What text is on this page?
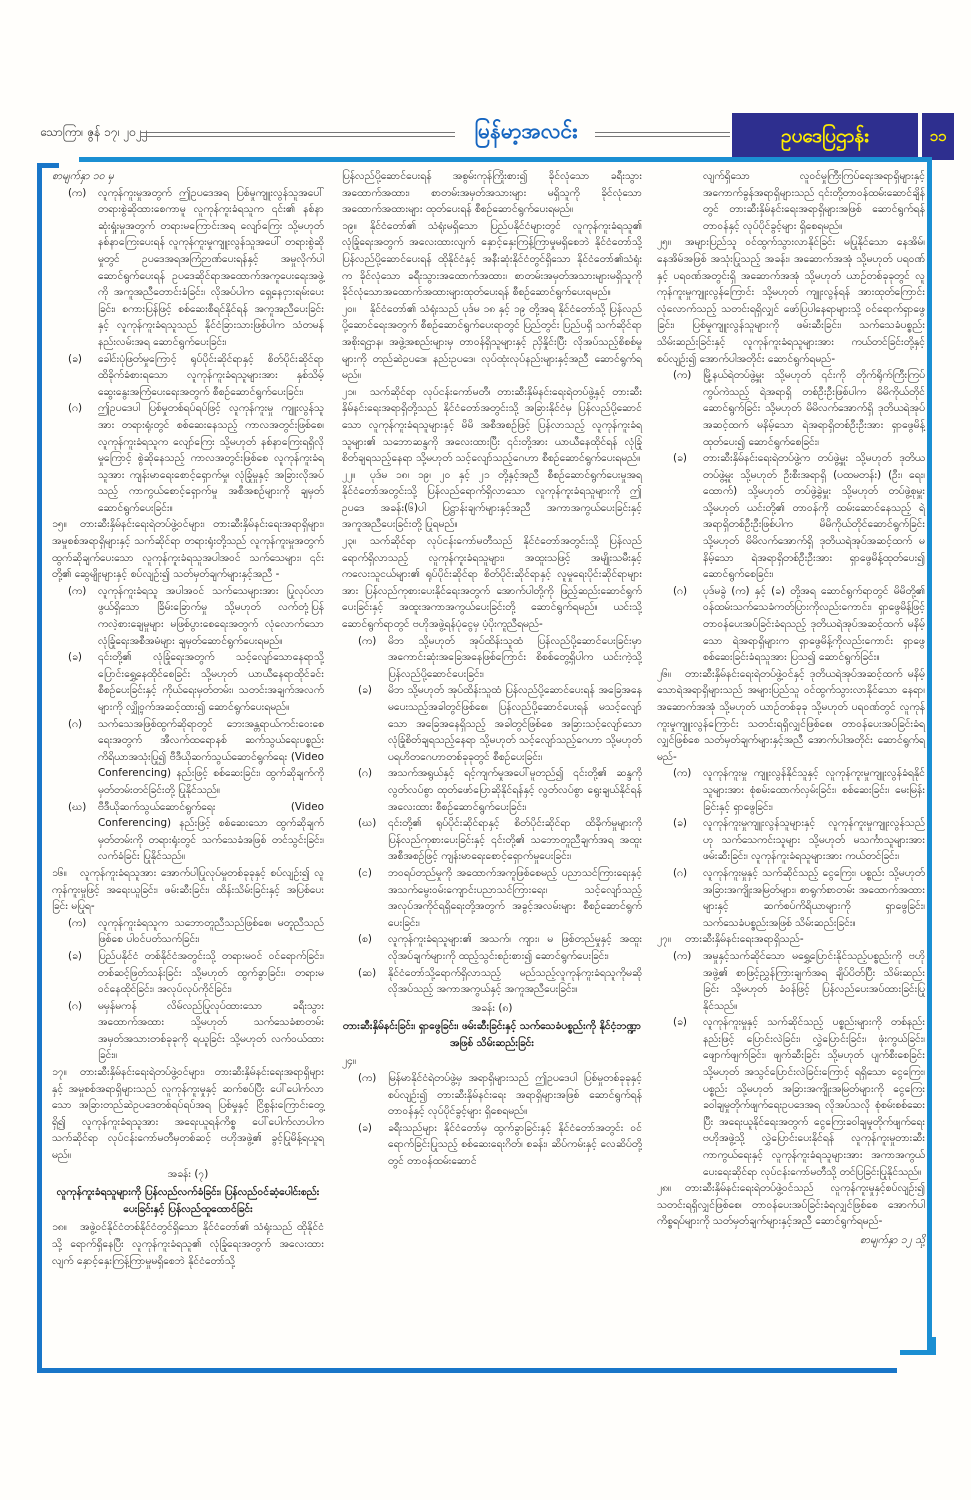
သောကြာ၊ ဇွန် ၁၇၊ ၂၀၂၂	မြန်မာ့အလင်း	ဥပဒေပြဌာန်း	၁၁

စာမျက်နှာ ၁၀ မှ

(က) လူကုန်ကူးမှုအတွက် ဤဥပဒေအရ ပြစ်မှုကျူးလွန်သူအပေါ် တရားစွဲဆိုထားစေကာမူ လူကုန်ကူးခံရသူက ၎င်း၏ နစ်နာဆုံးရှုံးမှုအတွက် တရားမကြောင်းအရ လျော်ကြေး သို့မဟုတ် နစ်နာကြေးပေးရန် လူကုန်ကူးမှုကျူးလွန်သူအပေါ် တရားစွဲဆိုမှုတွင် ဥပဒေအရအကြံဉာဏ်ပေးရန်နှင့် အမှုလိုက်ပါဆောင်ရွက်ပေးရန် ဥပဒေဆိုင်ရာအထောက်အကူပေးရေးအဖွဲ့ကို အကူအညီတောင်းခံခြင်း၊ လိုအပ်ပါက ရှေ့နေငှားရမ်းပေးခြင်း၊ စကားပြန်ဖြင့် စစ်ဆေးစီရင်နိုင်ရန် အကူအညီပေးခြင်းနှင့် လူကုန်ကူးခံရသူသည် နိုင်ငံခြားသားဖြစ်ပါက သံတမန်နည်းလမ်းအရ ဆောင်ရွက်ပေးခြင်း၊

(ခ) ခေါင်းပုံဖြတ်မှုကြောင့် ရုပ်ပိုင်းဆိုင်ရာနှင့် စိတ်ပိုင်းဆိုင်ရာ ထိခိုက်ခံစားရသော လူကုန်ကူးခံရသူများအား နှစ်သိမ့်ဆွေးနွေးအကြံပေးရေးအတွက် စီစဉ်ဆောင်ရွက်ပေးခြင်း၊

(ဂ) ဤဥပဒေပါ ပြစ်မှုတစ်ရပ်ရပ်ဖြင့် လူကုန်ကူးမှု ကျူးလွန်သူအား တရားရုံးတွင် စစ်ဆေးနေသည့် ကာလအတွင်းဖြစ်စေ၊ လူကုန်ကူးခံရသူက လျော်ကြေး သို့မဟုတ် နစ်နာကြေးရရှိလိုမှုကြောင့် စွဲဆိုနေသည့် ကာလအတွင်းဖြစ်စေ လူကုန်ကူးခံရသူအား ကျန်းမာရေးစောင့်ရှောက်မှု၊ လုံခြုံမှုနှင့် အခြားလိုအပ်သည့် ကာကွယ်စောင့်ရှောက်မှု အစီအစဉ်များကို ချမှတ်ဆောင်ရွက်ပေးခြင်း။

၁၅။ တားဆီးနှိမ်နင်းရေးရဲတပ်ဖွဲ့ဝင်များ၊ တားဆီးနှိမ်နင်းရေးအရာရှိများ၊ အမှုစစ်အရာရှိများနှင့် သက်ဆိုင်ရာ တရားရုံးတို့သည် လူကုန်ကူးမှုအတွက် ထွက်ဆိုချက်ပေးသော လူကုန်ကူးခံရသူအပါအဝင် သက်သေများ၊ ၎င်းတို့၏ ဆွေမျိုးများနှင့် စပ်လျဉ်း၍ သတ်မှတ်ချက်များနှင့်အညီ -

(က) လူကုန်ကူးခံရသူ အပါအဝင် သက်သေများအား ပြုလုပ်လာဖွယ်ရှိသော ခြိမ်းခြောက်မှု သို့မဟုတ် လက်တုံ့ပြန်ကလဲ့စားချေမှုများ မဖြစ်ပွားစေရေးအတွက် လုံလောက်သော လုံခြုံရေးအစီအမံများ ချမှတ်ဆောင်ရွက်ပေးရမည်။

(ခ) ၎င်းတို့၏ လုံခြုံရေးအတွက် သင့်လျော်သောနေရာသို့ ပြောင်းရွှေ့နေထိုင်စေခြင်း သို့မဟုတ် ယာယီနေရာထိုင်ခင်းစီစဉ်ပေးခြင်းနှင့် ကိုယ်ရေးမှတ်တမ်း၊ သတင်းအချက်အလက်များကို လျှို့ဝှက်အဆင့်ထား၍ ဆောင်ရွက်ပေးရမည်။

(ဂ) သက်သေအဖြစ်ထွက်ဆိုရာတွင် ဘေးအန္တရာယ်ကင်းဝေးစေရေးအတွက် အီလက်ထရောနစ် ဆက်သွယ်ရေးပစ္စည်းကိရိယာအသုံးပြု၍ ဗီဒီယိုဆက်သွယ်ဆောင်ရွက်ရေး (Video Conferencing) နည်းဖြင့် စစ်ဆေးခြင်း၊ ထွက်ဆိုချက်ကို မှတ်တမ်းတင်ခြင်းတို့ ပြုနိုင်သည်။

(ဃ) ဗီဒီယိုဆက်သွယ်ဆောင်ရွက်ရေး (Video Conferencing) နည်းဖြင့် စစ်ဆေးသော ထွက်ဆိုချက်မှတ်တမ်းကို တရားရုံးတွင် သက်သေခံအဖြစ် တင်သွင်းခြင်း၊ လက်ခံခြင်း ပြုနိုင်သည်။

၁၆။ လူကုန်ကူးခံရသူအား အောက်ပါပြုလုပ်မှုတစ်ခုခုနှင့် စပ်လျဉ်း၍ လူကုန်ကူးမှုဖြင့် အရေးယူခြင်း၊ ဖမ်းဆီးခြင်း၊ ထိန်းသိမ်းခြင်းနှင့် အပြစ်ပေးခြင်း မပြုရ-

(က) လူကုန်ကူးခံရသူက သဘောတူညီသည်ဖြစ်စေ၊ မတူညီသည်ဖြစ်စေ ပါဝင်ပတ်သက်ခြင်း၊

(ခ) ပြည်ပနိုင်ငံ တစ်နိုင်ငံအတွင်းသို့ တရားမဝင် ဝင်ရောက်ခြင်း၊ တစ်ဆင့်ဖြတ်သန်းခြင်း သို့မဟုတ် ထွက်ခွာခြင်း၊ တရားမဝင်နေထိုင်ခြင်း၊ အလုပ်လုပ်ကိုင်ခြင်း၊

(ဂ) မမှန်မကန် လိမ်လည်ပြုလုပ်ထားသော ခရီးသွားအထောက်အထား သို့မဟုတ် သက်သေခံစာတမ်းအမှတ်အသားတစ်ခုခုကို ရယူခြင်း သို့မဟုတ် လက်ဝယ်ထားခြင်း။

၁၇။ တားဆီးနှိမ်နင်းရေးရဲတပ်ဖွဲ့ဝင်များ၊ တားဆီးနှိမ်နင်းရေးအရာရှိများနှင့် အမှုစစ်အရာရှိများသည် လူကုန်ကူးမှုနှင့် ဆက်စပ်ပြီး ပေါ်ပေါက်လာသော အခြားတည်ဆဲဥပဒေတစ်ရပ်ရပ်အရ ပြစ်မှုနှင့် ငြိစွန်းကြောင်းတွေ့ရှိ၍ လူကုန်ကူးခံရသူအား အရေးယူရန်ကိစ္စ ပေါ်ပေါက်လာပါက သက်ဆိုင်ရာ လုပ်ငန်းကော်မတီမှတစ်ဆင့် ဗဟိုအဖွဲ့၏ ခွင့်ပြုမိန့်ရယူရမည်။

အခန်း (၇)

လူကုန်ကူးခံရသူများကို ပြန်လည်လက်ခံခြင်း၊ ပြန်လည်ဝင်ဆံ့ပေါင်းစည်းပေးခြင်းနှင့် ပြန်လည်ထူထောင်ခြင်း

၁၈။ အဖွဲ့ဝင်နိုင်ငံတစ်နိုင်ငံတွင်ရှိသော နိုင်ငံတော်၏ သံရုံးသည် ထိုနိုင်ငံသို့ ရောက်ရှိနေပြီး လူကုန်ကူးခံရသူ၏ လုံခြုံရေးအတွက် အလေးထားလျက် နှောင့်နှေးကြန့်ကြာမှုမရှိစေဘဲ နိုင်ငံတော်သို့

ပြန်လည်ပို့ဆောင်ပေးရန် အစွမ်းကုန်ကြိုးစား၍ ခိုင်လုံသော ခရီးသွားအထောက်အထား၊ စာတမ်းအမှတ်အသားများ မရှိသူကို ခိုင်လုံသော အထောက်အထားများ ထုတ်ပေးရန် စီစဉ်ဆောင်ရွက်ပေးရမည်။

၁၉။ နိုင်ငံတော်၏ သံရုံးမရှိသော ပြည်ပနိုင်ငံများတွင် လူကုန်ကူးခံရသူ၏ လုံခြုံရေးအတွက် အလေးထားလျက် နှောင့်နှေးကြန့်ကြာမှုမရှိစေဘဲ နိုင်ငံတော်သို့ပြန်လည်ပို့ဆောင်ပေးရန် ထိုနိုင်ငံနှင့် အနီးဆုံးနိုင်ငံတွင်ရှိသော နိုင်ငံတော်၏သံရုံးက ခိုင်လုံသော ခရီးသွားအထောက်အထား၊ စာတမ်းအမှတ်အသားများမရှိသူကို ခိုင်လုံသောအထောက်အထားများထုတ်ပေးရန် စီစဉ်ဆောင်ရွက်ပေးရမည်။

၂၀။ နိုင်ငံတော်၏ သံရုံးသည် ပုဒ်မ ၁၈ နှင့် ၁၉ တို့အရ နိုင်ငံတော်သို့ ပြန်လည်ပို့ဆောင်ရေးအတွက် စီစဉ်ဆောင်ရွက်ပေးရာတွင် ပြည်တွင်း ပြည်ပရှိ သက်ဆိုင်ရာအစိုးရဌာန၊ အဖွဲ့အစည်းများမှ တာဝန်ရှိသူများနှင့် ညှိနှိုင်းပြီး လိုအပ်သည့်စိစစ်မှုများကို တည်ဆဲဥပဒေ၊ နည်းဥပဒေ၊ လုပ်ထုံးလုပ်နည်းများနှင့်အညီ ဆောင်ရွက်ရမည်။

၂၁။ သက်ဆိုင်ရာ လုပ်ငန်းကော်မတီ၊ တားဆီးနှိမ်နင်းရေးရဲတပ်ဖွဲ့နှင့် တားဆီးနှိမ်နင်းရေးအရာရှိတို့သည် နိုင်ငံတော်အတွင်းသို့ အခြားနိုင်ငံမှ ပြန်လည်ပို့ဆောင်သော လူကုန်ကူးခံရသူများနှင့် မိမိ အစီအစဉ်ဖြင့် ပြန်လာသည့် လူကုန်ကူးခံရသူများ၏ သဘောဆန္ဒကို အလေးထားပြီး ၎င်းတို့အား ယာယီနေထိုင်ရန် လုံခြုံစိတ်ချရသည့်နေရာ သို့မဟုတ် သင့်လျော်သည့်ဂေဟာ စီစဉ်ဆောင်ရွက်ပေးရမည်။

၂၂။ ပုဒ်မ ၁၈၊ ၁၉၊ ၂၀ နှင့် ၂၁ တို့နှင့်အညီ စီစဉ်ဆောင်ရွက်ပေးမှုအရ နိုင်ငံတော်အတွင်းသို့ ပြန်လည်ရောက်ရှိလာသော လူကုန်ကူးခံရသူများကို ဤဥပဒေ အခန်း(၆)ပါ ပြဋ္ဌာန်းချက်များနှင့်အညီ အကာအကွယ်ပေးခြင်းနှင့် အကူအညီပေးခြင်းတို့ ပြုရမည်။

၂၃။ သက်ဆိုင်ရာ လုပ်ငန်းကော်မတီသည် နိုင်ငံတော်အတွင်းသို့ ပြန်လည်ရောက်ရှိလာသည့် လူကုန်ကူးခံရသူများ၊ အထူးသဖြင့် အမျိုးသမီးနှင့် ကလေးသူငယ်များ၏ ရုပ်ပိုင်းဆိုင်ရာ စိတ်ပိုင်းဆိုင်ရာနှင့် လူမှုရေးပိုင်းဆိုင်ရာများအား ပြန်လည်ကုစားပေးနိုင်ရေးအတွက် အောက်ပါတို့ကို ဖြည့်ဆည်းဆောင်ရွက်ပေးခြင်းနှင့် အထူးအကာအကွယ်ပေးခြင်းတို့ ဆောင်ရွက်ရမည်။ ယင်းသို့ ဆောင်ရွက်ရာတွင် ဗဟိုအဖွဲ့ရန်ပုံငွေမှ ပံ့ပိုးကူညီရမည်-

(က) မိဘ သို့မဟုတ် အုပ်ထိန်းသူထံ ပြန်လည်ပို့ဆောင်ပေးခြင်းမှာ အကောင်းဆုံးအခြေအနေဖြစ်ကြောင်း စိစစ်တွေ့ရှိပါက ယင်းကဲ့သို့ ပြန်လည်ပို့ဆောင်ပေးခြင်း၊

(ခ) မိဘ သို့မဟုတ် အုပ်ထိန်းသူထံ ပြန်လည်ပို့ဆောင်ပေးရန် အခြေအနေမပေးသည့်အခါတွင်ဖြစ်စေ၊ ပြန်လည်ပို့ဆောင်ပေးရန် မသင့်လျော်သော အခြေအနေရှိသည့် အခါတွင်ဖြစ်စေ အခြားသင့်လျော်သော လုံခြုံစိတ်ချရသည့်နေရာ သို့မဟုတ် သင့်လျော်သည့်ဂေဟာ သို့မဟုတ် ပရဟိတဂေဟာတစ်ခုခုတွင် စီစဉ်ပေးခြင်း၊

(ဂ) အသက်အရွယ်နှင့် ရင့်ကျက်မှုအပေါ်မူတည်၍ ၎င်းတို့၏ ဆန္ဒကို လွတ်လပ်စွာ ထုတ်ဖော်ပြောဆိုနိုင်ရန်နှင့် လွတ်လပ်စွာ ရွေးချယ်နိုင်ရန် အလေးထား စီစဉ်ဆောင်ရွက်ပေးခြင်း၊

(ဃ) ၎င်းတို့၏ ရုပ်ပိုင်းဆိုင်ရာနှင့် စိတ်ပိုင်းဆိုင်ရာ ထိခိုက်မှုများကို ပြန်လည်ကုစားပေးခြင်းနှင့် ၎င်းတို့၏ သဘောတူညီချက်အရ အထူးအစီအစဉ်ဖြင့် ကျန်းမာရေးစောင့်ရှောက်မှုပေးခြင်း၊

(င) ဘဝရပ်တည်မှုကို အထောက်အကူဖြစ်စေမည့် ပညာသင်ကြားရေးနှင့် အသက်မွေးဝမ်းကျောင်းပညာသင်ကြားရေး၊ သင့်လျော်သည့် အလုပ်အကိုင်ရရှိရေးတို့အတွက် အခွင့်အလမ်းများ စီစဉ်ဆောင်ရွက်ပေးခြင်း၊

(စ) လူကုန်ကူးခံရသူများ၏ အသက်၊ ကျား၊ မ ဖြစ်တည်မှုနှင့် အထူးလိုအပ်ချက်များကို ထည့်သွင်းစဉ်းစား၍ ဆောင်ရွက်ပေးခြင်း၊

(ဆ) နိုင်ငံတော်သို့ရောက်ရှိလာသည့် မည်သည့်လူကုန်ကူးခံရသူကိုမဆို လိုအပ်သည့် အကာအကွယ်နှင့် အကူအညီပေးခြင်း။

အခန်း (၈)

တားဆီးနှိမ်နင်းခြင်း၊ ရှာဖွေခြင်း၊ ဖမ်းဆီးခြင်းနှင့် သက်သေခံပစ္စည်းကို နိုင်ငံ့ဘဏ္ဍာအဖြစ် သိမ်းဆည်းခြင်း

၂၄။

(က) မြန်မာနိုင်ငံရဲတပ်ဖွဲ့မှ အရာရှိများသည် ဤဥပဒေပါ ပြစ်မှုတစ်ခုခုနှင့် စပ်လျဉ်း၍ တားဆီးနှိမ်နင်းရေး အရာရှိများအဖြစ် ဆောင်ရွက်ရန်တာဝန်နှင့် လုပ်ပိုင်ခွင့်များ ရှိစေရမည်။

(ခ) ခရီးသည်များ နိုင်ငံတော်မှ ထွက်ခွာခြင်းနှင့် နိုင်ငံတော်အတွင်း ဝင်ရောက်ခြင်းပြုသည့် စစ်ဆေးရေးဂိတ်၊ စခန်း၊ ဆိပ်ကမ်းနှင့် လေဆိပ်တို့တွင် တာဝန်ထမ်းဆောင်

လျက်ရှိသော လူဝင်မှုကြီးကြပ်ရေးအရာရှိများနှင့် အကောက်ခွန်အရာရှိများသည် ၎င်းတို့တာဝန်ထမ်းဆောင်ချိန်တွင် တားဆီးနှိမ်နင်းရေးအရာရှိများအဖြစ် ဆောင်ရွက်ရန်တာဝန်နှင့် လုပ်ပိုင်ခွင့်များ ရှိစေရမည်။

၂၅။ အများပြည်သူ ဝင်ထွက်သွားလာနိုင်ခြင်း မပြုနိုင်သော နေအိမ်၊ နေအိမ်အဖြစ် အသုံးပြုသည့် အခန်း၊ အဆောက်အအုံ သို့မဟုတ် ပရဝဏ်နှင့် ပရဝဏ်အတွင်းရှိ အဆောက်အအုံ သို့မဟုတ် ယာဉ်တစ်ခုခုတွင် လူကုန်ကူးမှုကျူးလွန်ကြောင်း သို့မဟုတ် ကျူးလွန်ရန် အားထုတ်ကြောင်း လုံလောက်သည့် သတင်းရရှိလျှင် ဖော်ပြပါနေရာများသို့ ဝင်ရောက်ရှာဖွေခြင်း၊ ပြစ်မှုကျူးလွန်သူများကို ဖမ်းဆီးခြင်း၊ သက်သေခံပစ္စည်း သိမ်းဆည်းခြင်းနှင့် လူကုန်ကူးခံရသူများအား ကယ်တင်ခြင်းတို့နှင့် စပ်လျဉ်း၍ အောက်ပါအတိုင်း ဆောင်ရွက်ရမည်-

(က) မြို့နယ်ရဲတပ်ဖွဲ့မှူး သို့မဟုတ် ၎င်းကို တိုက်ရိုက်ကြီးကြပ်ကွပ်ကဲသည့် ရဲအရာရှိ တစ်ဦးဦးဖြစ်ပါက မိမိကိုယ်တိုင်ဆောင်ရွက်ခြင်း သို့မဟုတ် မိမိလက်အောက်ရှိ ဒုတိယရဲအုပ်အဆင့်ထက် မနိမ့်သော ရဲအရာရှိတစ်ဦးဦးအား ရှာဖွေမိန့်ထုတ်ပေး၍ ဆောင်ရွက်စေခြင်း၊

(ခ) တားဆီးနှိမ်နင်းရေးရဲတပ်ဖွဲ့က တပ်ဖွဲ့မှူး သို့မဟုတ် ဒုတိယတပ်ဖွဲ့မှူး သို့မဟုတ် ဦးစီးအရာရှိ (ပထမတန်း) (ဦး၊ ရေး၊ ထောက်) သို့မဟုတ် တပ်ဖွဲ့ခွဲမှူး သို့မဟုတ် တပ်ဖွဲ့စုမှူး သို့မဟုတ် ယင်းတို့၏ တာဝန်ကို ထမ်းဆောင်နေသည့် ရဲအရာရှိတစ်ဦးဦးဖြစ်ပါက မိမိကိုယ်တိုင်ဆောင်ရွက်ခြင်း သို့မဟုတ် မိမိလက်အောက်ရှိ ဒုတိယရဲအုပ်အဆင့်ထက် မနိမ့်သော ရဲအရာရှိတစ်ဦးဦးအား ရှာဖွေမိန့်ထုတ်ပေး၍ ဆောင်ရွက်စေခြင်း၊

(ဂ) ပုဒ်မခွဲ (က) နှင့် (ခ) တို့အရ ဆောင်ရွက်ရာတွင် မိမိတို့၏ ဝန်ထမ်းသက်သေခံကတ်ပြားကိုလည်းကောင်း၊ ရှာဖွေမိန့်ဖြင့် တာဝန်ပေးအပ်ခြင်းခံရသည့် ဒုတိယရဲအုပ်အဆင့်ထက် မနိမ့်သော ရဲအရာရှိများက ရှာဖွေမိန့်ကိုလည်းကောင်း ရှာဖွေစစ်ဆေးခြင်းခံရသူအား ပြသ၍ ဆောင်ရွက်ခြင်း။

၂၆။ တားဆီးနှိမ်နင်းရေးရဲတပ်ဖွဲ့ဝင်နှင့် ဒုတိယရဲအုပ်အဆင့်ထက် မနိမ့်သောရဲအရာရှိများသည် အများပြည်သူ ဝင်ထွက်သွားလာနိုင်သော နေရာ၊ အဆောက်အအုံ သို့မဟုတ် ယာဉ်တစ်ခုခု သို့မဟုတ် ပရဝဏ်တွင် လူကုန်ကူးမှုကျူးလွန်ကြောင်း သတင်းရရှိလျှင်ဖြစ်စေ၊ တာဝန်ပေးအပ်ခြင်းခံရလျှင်ဖြစ်စေ သတ်မှတ်ချက်များနှင့်အညီ အောက်ပါအတိုင်း ဆောင်ရွက်ရမည်-

(က) လူကုန်ကူးမှု ကျူးလွန်နိုင်သူနှင့် လူကုန်ကူးမှုကျူးလွန်ခံရနိုင်သူများအား စုံစမ်းထောက်လှမ်းခြင်း၊ စစ်ဆေးခြင်း၊ မေးမြန်းခြင်းနှင့် ရှာဖွေခြင်း၊

(ခ) လူကုန်ကူးမှုကျူးလွန်သူများနှင့် လူကုန်ကူးမှုကျူးလွန်သည်ဟု သက်သေကင်းသူများ သို့မဟုတ် မသင်္ကာသူများအား ဖမ်းဆီးခြင်း၊ လူကုန်ကူးခံရသူများအား ကယ်တင်ခြင်း၊

(ဂ) လူကုန်ကူးမှုနှင့် သက်ဆိုင်သည့် ငွေကြေး၊ ပစ္စည်း သို့မဟုတ် အခြားအကျိုးအမြတ်များ၊ စာရွက်စာတမ်း အထောက်အထားများနှင့် ဆက်စပ်ကိရိယာများကို ရှာဖွေခြင်း၊ သက်သေခံပစ္စည်းအဖြစ် သိမ်းဆည်းခြင်း။

၂၇။ တားဆီးနှိမ်နင်းရေးအရာရှိသည်-

(က) အမှုနှင့်သက်ဆိုင်သော မရွှေ့ပြောင်းနိုင်သည့်ပစ္စည်းကို ဗဟိုအဖွဲ့၏ စာဖြင့်ညွှန်ကြားချက်အရ ချိပ်ပိတ်ပြီး သိမ်းဆည်းခြင်း သို့မဟုတ် ခံဝန်ဖြင့် ပြန်လည်ပေးအပ်ထားခြင်းပြုနိုင်သည်။

(ခ) လူကုန်ကူးမှုနှင့် သက်ဆိုင်သည့် ပစ္စည်းများကို တစ်နည်းနည်းဖြင့် ပြောင်းလဲခြင်း၊ လွှဲပြောင်းခြင်း၊ ဖုံးကွယ်ခြင်း၊ ဖျောက်ဖျက်ခြင်း၊ ဖျက်ဆီးခြင်း သို့မဟုတ် ပျက်စီးစေခြင်း သို့မဟုတ် အသွင်ပြောင်းလဲခြင်းကြောင့် ရရှိသော ငွေကြေး၊ ပစ္စည်း သို့မဟုတ် အခြားအကျိုးအမြတ်များကို ငွေကြေးခဝါချမှုတိုက်ဖျက်ရေးဥပဒေအရ လိုအပ်သလို စုံစမ်းစစ်ဆေးပြီး အရေးယူနိုင်ရေးအတွက် ငွေကြေးခဝါချမှုတိုက်ဖျက်ရေးဗဟိုအဖွဲ့သို့ လွှဲပြောင်းပေးနိုင်ရန် လူကုန်ကူးမှုတားဆီးကာကွယ်ရေးနှင့် လူကုန်ကူးခံရသူများအား အကာအကွယ်ပေးရေးဆိုင်ရာ လုပ်ငန်းကော်မတီသို့ တင်ပြခြင်းပြုနိုင်သည်။

၂၈။ တားဆီးနှိမ်နင်းရေးရဲတပ်ဖွဲ့ဝင်သည် လူကုန်ကူးမှုနှင့်စပ်လျဉ်း၍ သတင်းရရှိလျှင်ဖြစ်စေ၊ တာဝန်ပေးအပ်ခြင်းခံရလျှင်ဖြစ်စေ အောက်ပါကိစ္စရပ်များကို သတ်မှတ်ချက်များနှင့်အညီ ဆောင်ရွက်ရမည်-

စာမျက်နှာ ၁၂ သို့
